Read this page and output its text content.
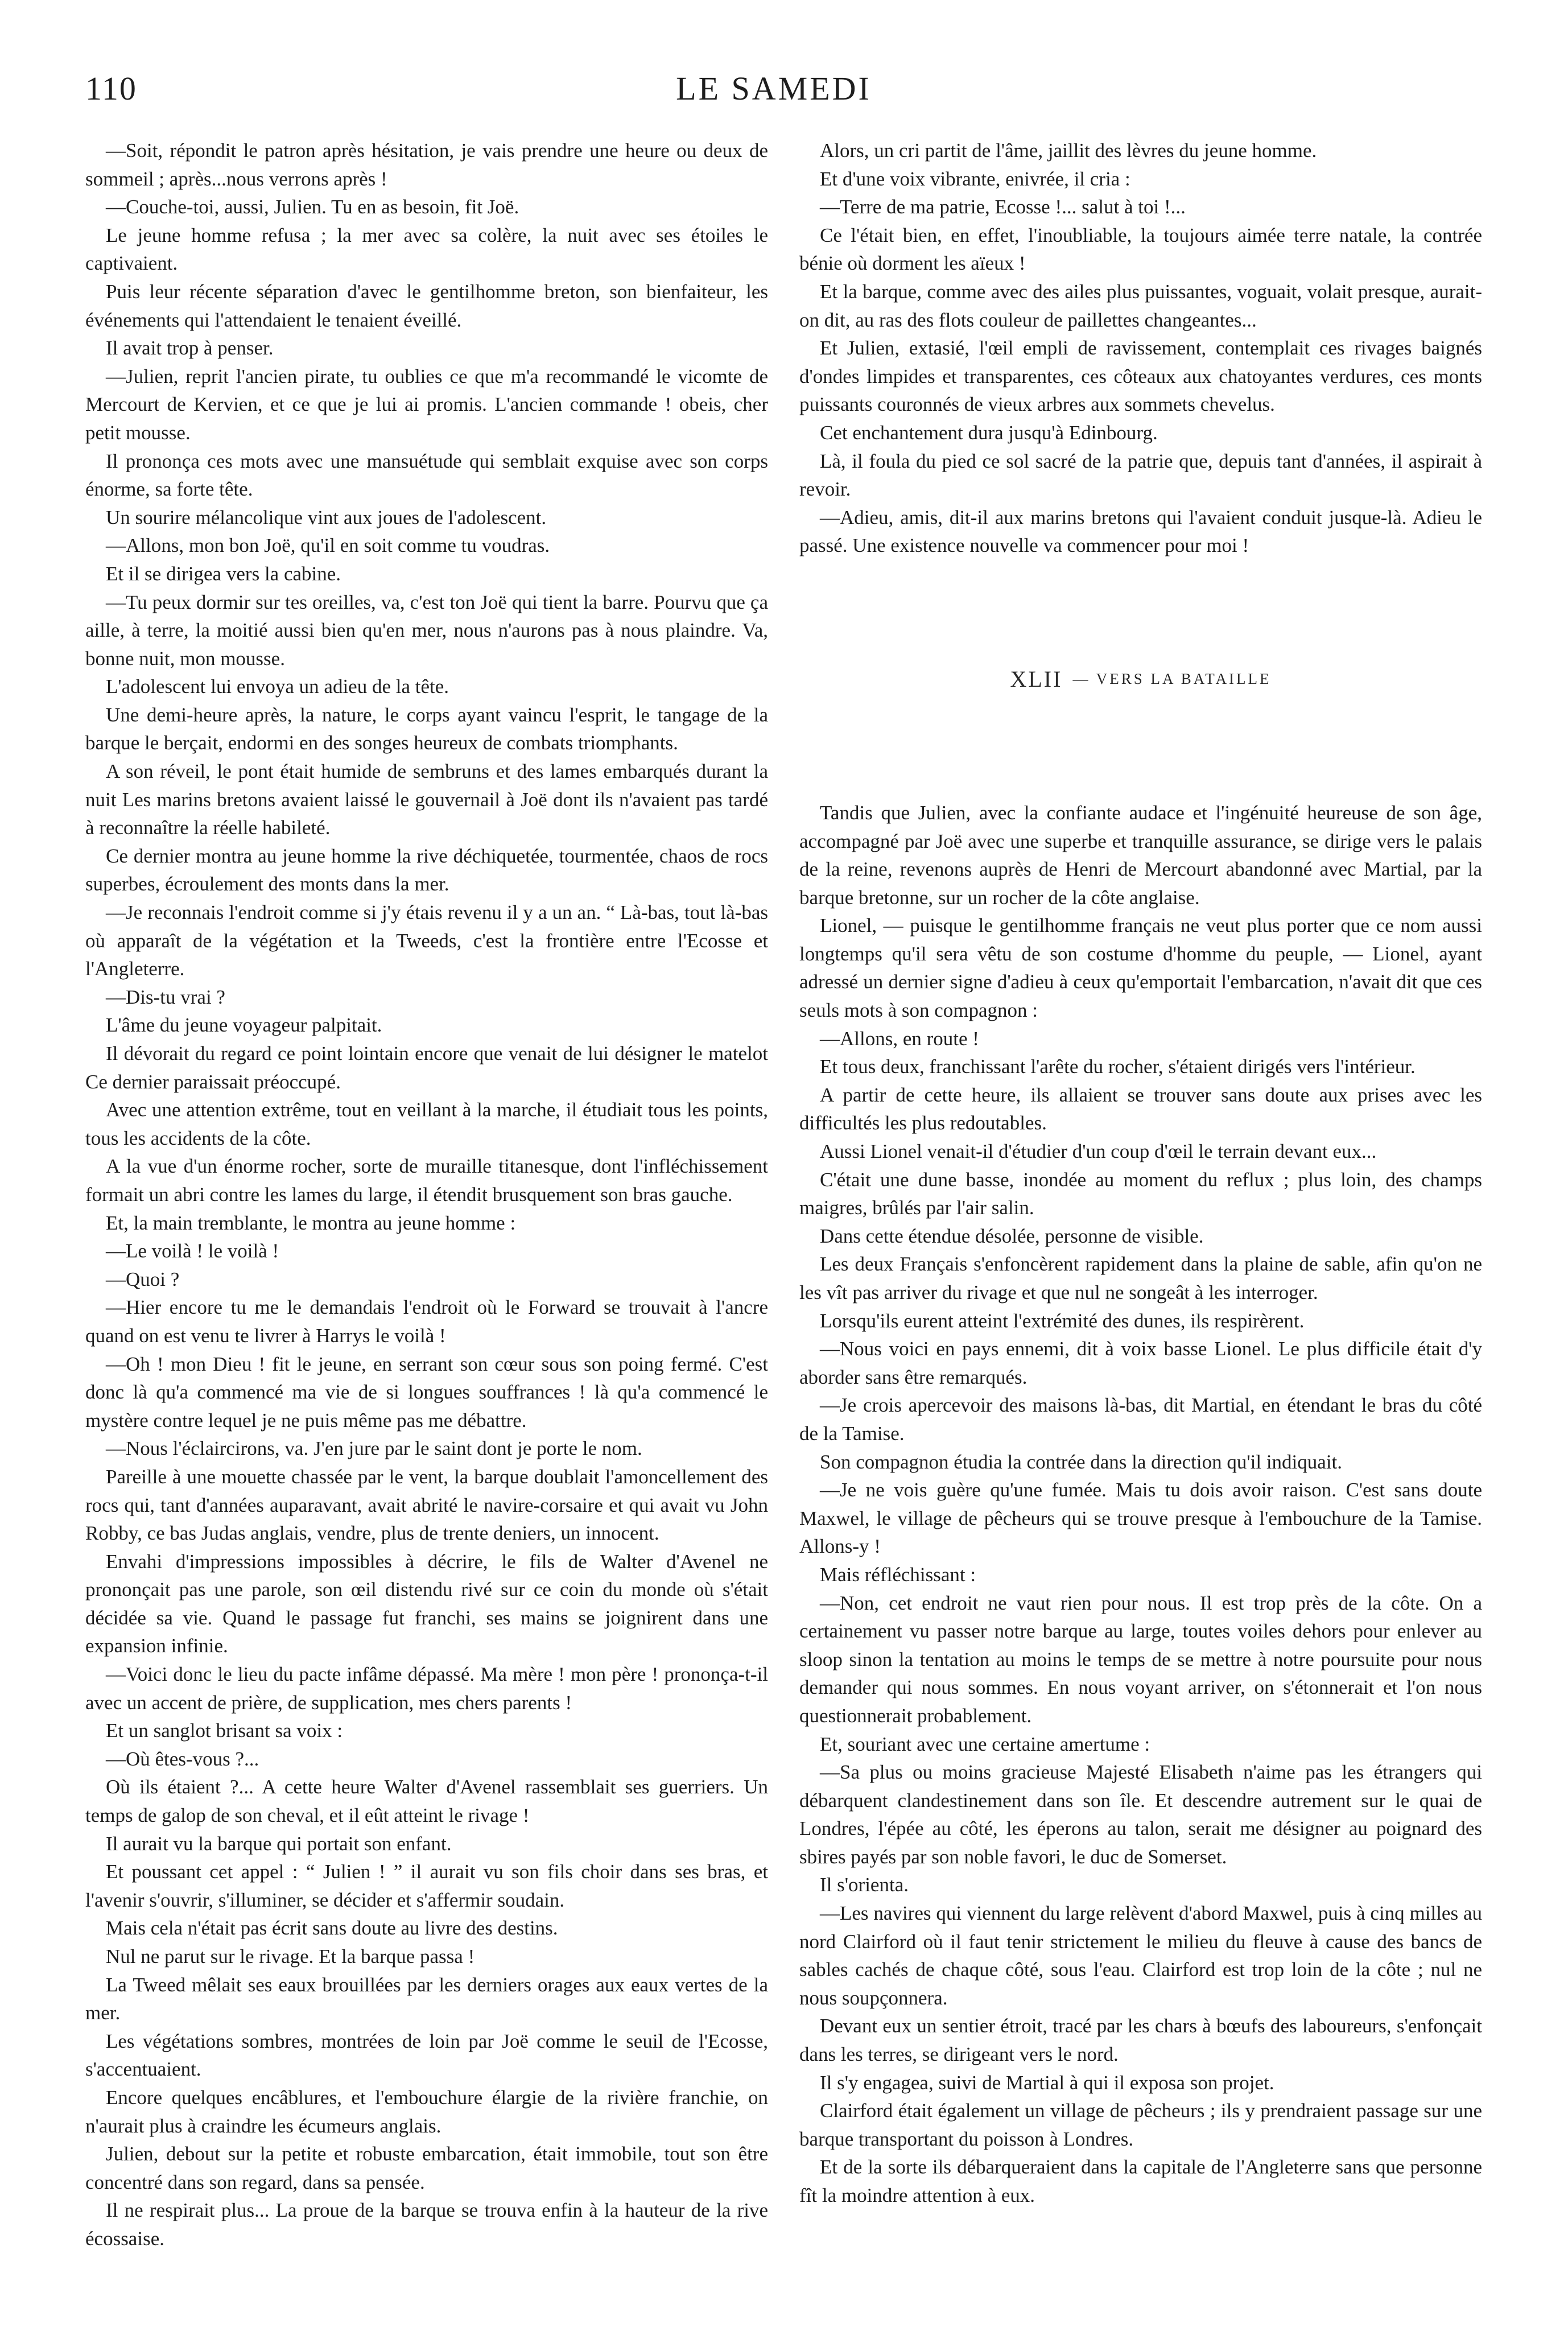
110	LE SAMEDI

—Soit, répondit le patron après hésitation, je vais prendre une heure ou deux de sommeil ; après...nous verrons après !

—Couche-toi, aussi, Julien. Tu en as besoin, fit Joë.

Le jeune homme refusa ; la mer avec sa colère, la nuit avec ses étoiles le captivaient.

Puis leur récente séparation d'avec le gentilhomme breton, son bienfaiteur, les événements qui l'attendaient le tenaient éveillé.

Il avait trop à penser.

—Julien, reprit l'ancien pirate, tu oublies ce que m'a recommandé le vicomte de Mercourt de Kervien, et ce que je lui ai promis. L'ancien commande ! obeis, cher petit mousse.

Il prononça ces mots avec une mansuétude qui semblait exquise avec son corps énorme, sa forte tête.

Un sourire mélancolique vint aux joues de l'adolescent.

—Allons, mon bon Joë, qu'il en soit comme tu voudras.

Et il se dirigea vers la cabine.

—Tu peux dormir sur tes oreilles, va, c'est ton Joë qui tient la barre. Pourvu que ça aille, à terre, la moitié aussi bien qu'en mer, nous n'aurons pas à nous plaindre. Va, bonne nuit, mon mousse.

L'adolescent lui envoya un adieu de la tête.

Une demi-heure après, la nature, le corps ayant vaincu l'esprit, le tangage de la barque le berçait, endormi en des songes heureux de combats triomphants.

A son réveil, le pont était humide de sembruns et des lames embarqués durant la nuit Les marins bretons avaient laissé le gouvernail à Joë dont ils n'avaient pas tardé à reconnaître la réelle habileté.

Ce dernier montra au jeune homme la rive déchiquetée, tourmentée, chaos de rocs superbes, écroulement des monts dans la mer.

—Je reconnais l'endroit comme si j'y étais revenu il y a un an. “ Là-bas, tout là-bas où apparaît de la végétation et la Tweeds, c'est la frontière entre l'Ecosse et l'Angleterre.

—Dis-tu vrai ?

L'âme du jeune voyageur palpitait.

Il dévorait du regard ce point lointain encore que venait de lui désigner le matelot Ce dernier paraissait préoccupé.

Avec une attention extrême, tout en veillant à la marche, il étudiait tous les points, tous les accidents de la côte.

A la vue d'un énorme rocher, sorte de muraille titanesque, dont l'infléchissement formait un abri contre les lames du large, il étendit brusquement son bras gauche.

Et, la main tremblante, le montra au jeune homme :

—Le voilà ! le voilà !

—Quoi ?

—Hier encore tu me le demandais l'endroit où le Forward se trouvait à l'ancre quand on est venu te livrer à Harrys le voilà !

—Oh ! mon Dieu ! fit le jeune, en serrant son cœur sous son poing fermé. C'est donc là qu'a commencé ma vie de si longues souffrances ! là qu'a commencé le mystère contre lequel je ne puis même pas me débattre.

—Nous l'éclaircirons, va. J'en jure par le saint dont je porte le nom.

Pareille à une mouette chassée par le vent, la barque doublait l'amoncellement des rocs qui, tant d'années auparavant, avait abrité le navire-corsaire et qui avait vu John Robby, ce bas Judas anglais, vendre, plus de trente deniers, un innocent.

Envahi d'impressions impossibles à décrire, le fils de Walter d'Avenel ne prononçait pas une parole, son œil distendu rivé sur ce coin du monde où s'était décidée sa vie. Quand le passage fut franchi, ses mains se joignirent dans une expansion infinie.

—Voici donc le lieu du pacte infâme dépassé. Ma mère ! mon père ! prononça-t-il avec un accent de prière, de supplication, mes chers parents !

Et un sanglot brisant sa voix :

—Où êtes-vous ?...

Où ils étaient ?... A cette heure Walter d'Avenel rassemblait ses guerriers. Un temps de galop de son cheval, et il eût atteint le rivage !

Il aurait vu la barque qui portait son enfant.

Et poussant cet appel : “ Julien ! ” il aurait vu son fils choir dans ses bras, et l'avenir s'ouvrir, s'illuminer, se décider et s'affermir soudain.

Mais cela n'était pas écrit sans doute au livre des destins.

Nul ne parut sur le rivage. Et la barque passa !

La Tweed mêlait ses eaux brouillées par les derniers orages aux eaux vertes de la mer.

Les végétations sombres, montrées de loin par Joë comme le seuil de l'Ecosse, s'accentuaient.

Encore quelques encâblures, et l'embouchure élargie de la rivière franchie, on n'aurait plus à craindre les écumeurs anglais.

Julien, debout sur la petite et robuste embarcation, était immobile, tout son être concentré dans son regard, dans sa pensée.

Il ne respirait plus... La proue de la barque se trouva enfin à la hauteur de la rive écossaise.

Alors, un cri partit de l'âme, jaillit des lèvres du jeune homme.

Et d'une voix vibrante, enivrée, il cria :

—Terre de ma patrie, Ecosse !... salut à toi !...

Ce l'était bien, en effet, l'inoubliable, la toujours aimée terre natale, la contrée bénie où dorment les aïeux !

Et la barque, comme avec des ailes plus puissantes, voguait, volait presque, aurait-on dit, au ras des flots couleur de paillettes changeantes...

Et Julien, extasié, l'œil empli de ravissement, contemplait ces rivages baignés d'ondes limpides et transparentes, ces côteaux aux chatoyantes verdures, ces monts puissants couronnés de vieux arbres aux sommets chevelus.

Cet enchantement dura jusqu'à Edinbourg.

Là, il foula du pied ce sol sacré de la patrie que, depuis tant d'années, il aspirait à revoir.

—Adieu, amis, dit-il aux marins bretons qui l'avaient conduit jusque-là. Adieu le passé. Une existence nouvelle va commencer pour moi !

XLII — VERS LA BATAILLE

Tandis que Julien, avec la confiante audace et l'ingénuité heureuse de son âge, accompagné par Joë avec une superbe et tranquille assurance, se dirige vers le palais de la reine, revenons auprès de Henri de Mercourt abandonné avec Martial, par la barque bretonne, sur un rocher de la côte anglaise.

Lionel, — puisque le gentilhomme français ne veut plus porter que ce nom aussi longtemps qu'il sera vêtu de son costume d'homme du peuple, — Lionel, ayant adressé un dernier signe d'adieu à ceux qu'emportait l'embarcation, n'avait dit que ces seuls mots à son compagnon :

—Allons, en route !

Et tous deux, franchissant l'arête du rocher, s'étaient dirigés vers l'intérieur.

A partir de cette heure, ils allaient se trouver sans doute aux prises avec les difficultés les plus redoutables.

Aussi Lionel venait-il d'étudier d'un coup d'œil le terrain devant eux...

C'était une dune basse, inondée au moment du reflux ; plus loin, des champs maigres, brûlés par l'air salin.

Dans cette étendue désolée, personne de visible.

Les deux Français s'enfoncèrent rapidement dans la plaine de sable, afin qu'on ne les vît pas arriver du rivage et que nul ne songeât à les interroger.

Lorsqu'ils eurent atteint l'extrémité des dunes, ils respirèrent.

—Nous voici en pays ennemi, dit à voix basse Lionel. Le plus difficile était d'y aborder sans être remarqués.

—Je crois apercevoir des maisons là-bas, dit Martial, en étendant le bras du côté de la Tamise.

Son compagnon étudia la contrée dans la direction qu'il indiquait.

—Je ne vois guère qu'une fumée. Mais tu dois avoir raison. C'est sans doute Maxwel, le village de pêcheurs qui se trouve presque à l'embouchure de la Tamise. Allons-y !

Mais réfléchissant :

—Non, cet endroit ne vaut rien pour nous. Il est trop près de la côte. On a certainement vu passer notre barque au large, toutes voiles dehors pour enlever au sloop sinon la tentation au moins le temps de se mettre à notre poursuite pour nous demander qui nous sommes. En nous voyant arriver, on s'étonnerait et l'on nous questionnerait probablement.

Et, souriant avec une certaine amertume :

—Sa plus ou moins gracieuse Majesté Elisabeth n'aime pas les étrangers qui débarquent clandestinement dans son île. Et descendre autrement sur le quai de Londres, l'épée au côté, les éperons au talon, serait me désigner au poignard des sbires payés par son noble favori, le duc de Somerset.

Il s'orienta.

—Les navires qui viennent du large relèvent d'abord Maxwel, puis à cinq milles au nord Clairford où il faut tenir strictement le milieu du fleuve à cause des bancs de sables cachés de chaque côté, sous l'eau. Clairford est trop loin de la côte ; nul ne nous soupçonnera.

Devant eux un sentier étroit, tracé par les chars à bœufs des laboureurs, s'enfonçait dans les terres, se dirigeant vers le nord.

Il s'y engagea, suivi de Martial à qui il exposa son projet.

Clairford était également un village de pêcheurs ; ils y prendraient passage sur une barque transportant du poisson à Londres.

Et de la sorte ils débarqueraient dans la capitale de l'Angleterre sans que personne fît la moindre attention à eux.
